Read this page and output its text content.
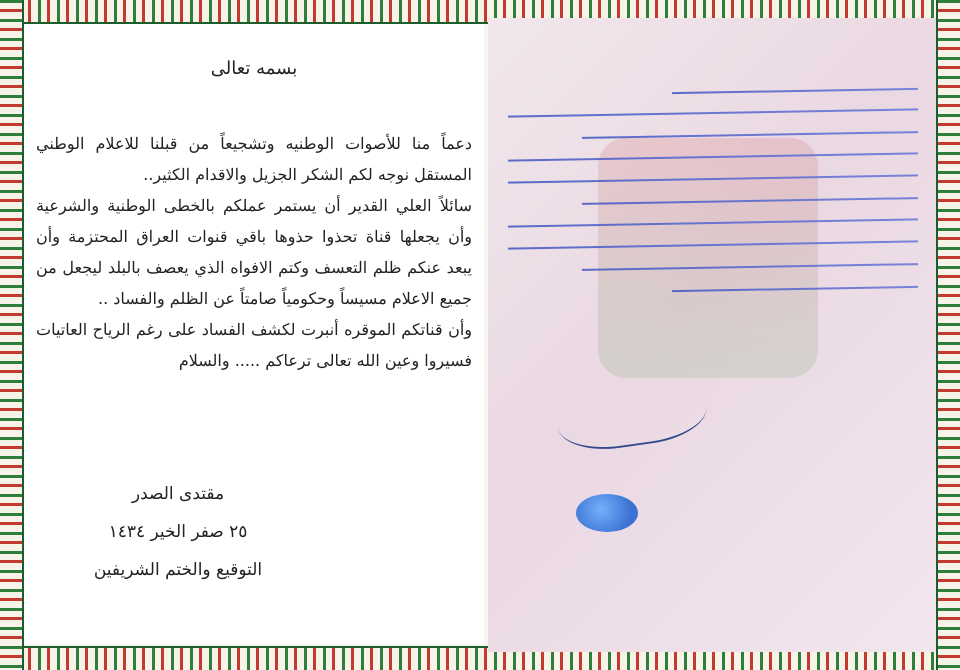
بسمه تعالى

دعماً منا للأصوات الوطنيه وتشجيعاً من قبلنا للاعلام الوطني المستقل نوجه لكم الشكر الجزيل والاقدام الكثير..

سائلاً العلي القدير أن يستمر عملكم بالخطى الوطنية والشرعية وأن يجعلها قناة تحذوا حذوها باقي قنوات العراق المحتزمة وأن يبعد عنكم ظلم التعسف وكتم الافواه الذي يعصف بالبلد ليجعل من جميع الاعلام مسيساً وحكومياً صامتاً عن الظلم والفساد ..

وأن قناتكم الموقره أنبرت لكشف الفساد على رغم الرياح العاتيات فسيروا وعين الله تعالى ترعاكم ..... والسلام

مقتدى الصدر
٢٥ صفر الخير ١٤٣٤
التوقيع والختم الشريفين
